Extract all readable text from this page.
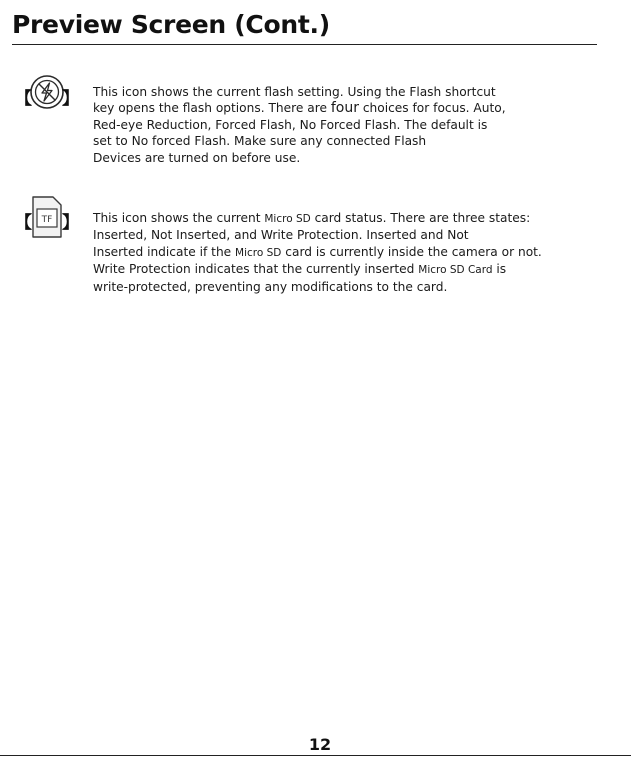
Preview Screen (Cont.)
【 】 This icon shows the current flash setting. Using the Flash shortcut
key opens the flash options. There are four choices for focus. Auto,
Red-eye Reduction, Forced Flash, No Forced Flash. The default is
set to No forced Flash. Make sure any connected Flash
Devices are turned on before use.

【 TF 】 This icon shows the current Micro SD card status. There are three states:
Inserted, Not Inserted, and Write Protection. Inserted and Not
Inserted indicate if the Micro SD card is currently inside the camera or not.
Write Protection indicates that the currently inserted Micro SD Card is
write-protected, preventing any modifications to the card.

12
